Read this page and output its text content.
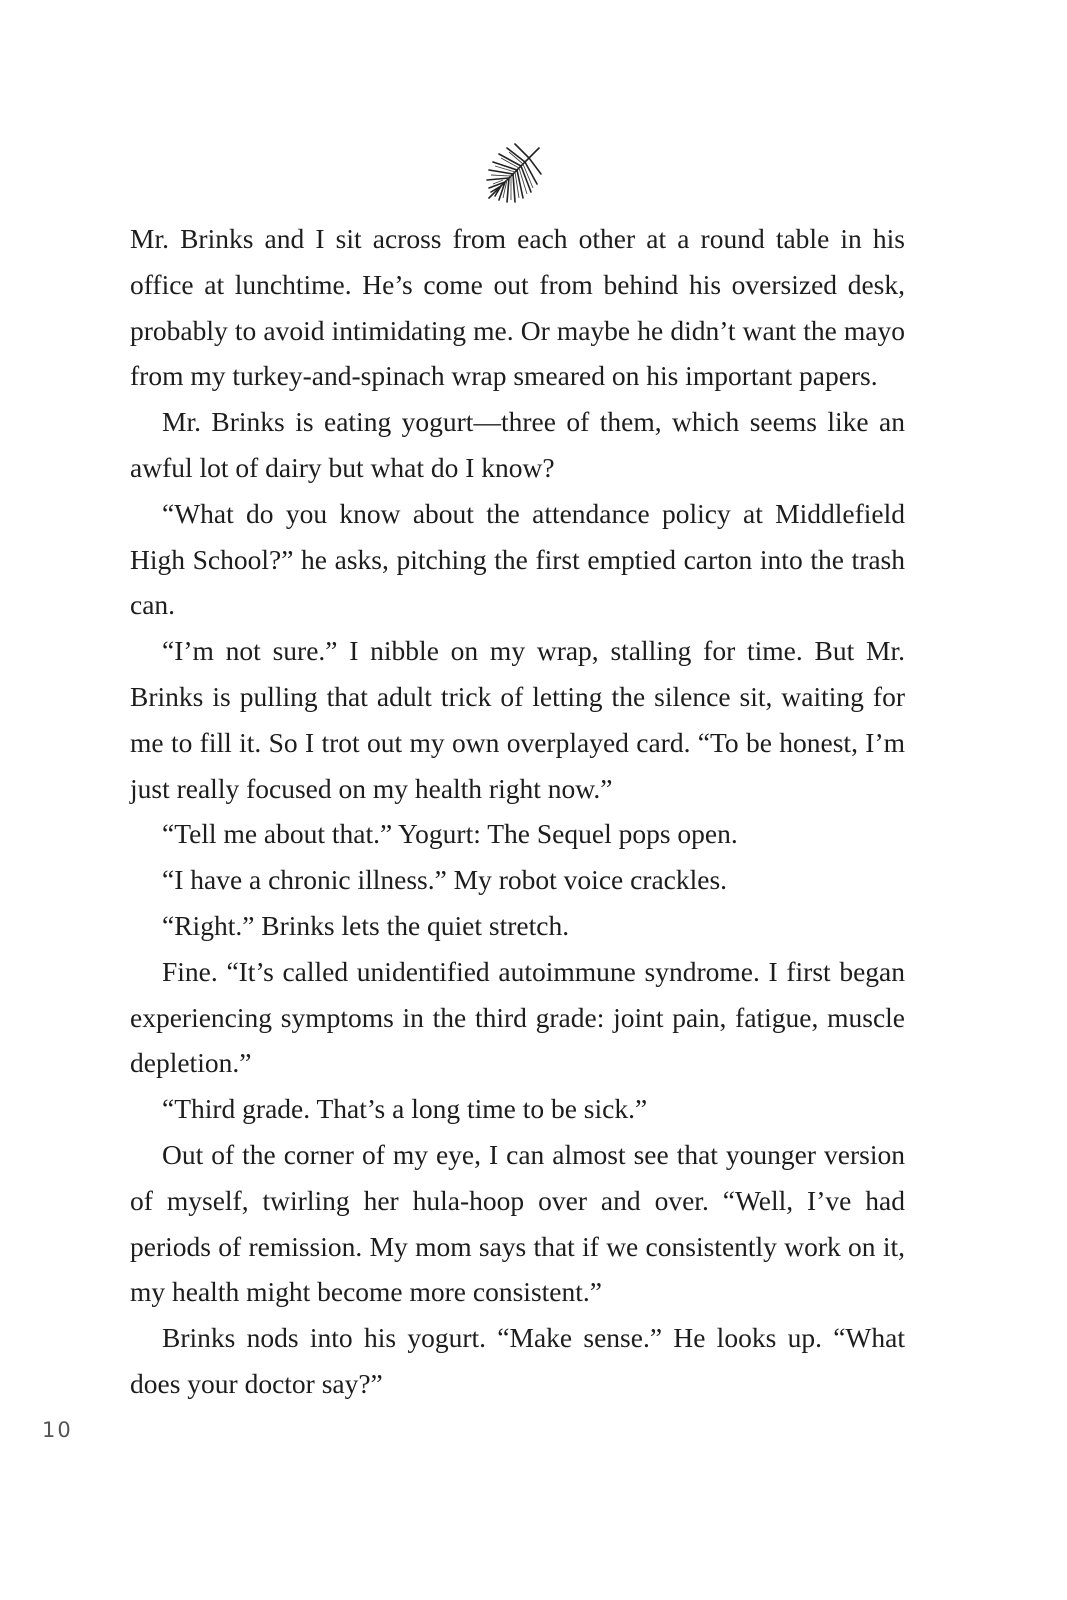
Mr. Brinks and I sit across from each other at a round table in his office at lunchtime. He’s come out from behind his oversized desk, probably to avoid intimidating me. Or maybe he didn’t want the mayo from my turkey-and-spinach wrap smeared on his important papers.

Mr. Brinks is eating yogurt—three of them, which seems like an awful lot of dairy but what do I know?

“What do you know about the attendance policy at Middlefield High School?” he asks, pitching the first emptied carton into the trash can.

“I’m not sure.” I nibble on my wrap, stalling for time. But Mr. Brinks is pulling that adult trick of letting the silence sit, waiting for me to fill it. So I trot out my own overplayed card. “To be honest, I’m just really focused on my health right now.”

“Tell me about that.” Yogurt: The Sequel pops open.

“I have a chronic illness.” My robot voice crackles.

“Right.” Brinks lets the quiet stretch.

Fine. “It’s called unidentified autoimmune syndrome. I first began experiencing symptoms in the third grade: joint pain, fatigue, muscle depletion.”

“Third grade. That’s a long time to be sick.”

Out of the corner of my eye, I can almost see that younger version of myself, twirling her hula-hoop over and over. “Well, I’ve had periods of remission. My mom says that if we consistently work on it, my health might become more consistent.”

Brinks nods into his yogurt. “Make sense.” He looks up. “What does your doctor say?”

10
